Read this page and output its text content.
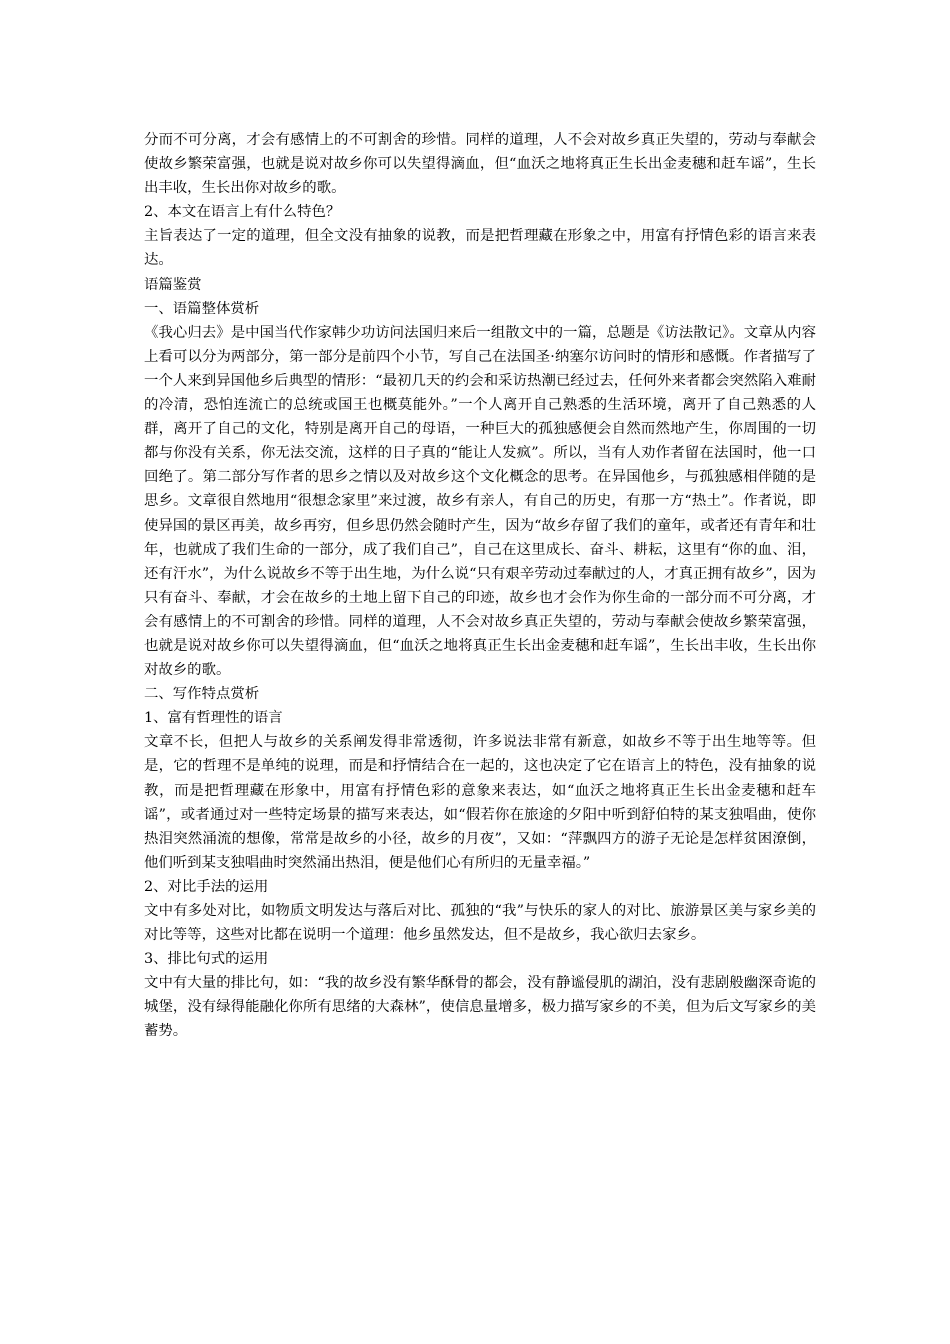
分而不可分离，才会有感情上的不可割舍的珍惜。同样的道理，人不会对故乡真正失望的，劳动与奉献会使故乡繁荣富强，也就是说对故乡你可以失望得滴血，但“血沃之地将真正生长出金麦穗和赶车谣”，生长出丰收，生长出你对故乡的歌。

2、本文在语言上有什么特色？

主旨表达了一定的道理，但全文没有抽象的说教，而是把哲理藏在形象之中，用富有抒情色彩的语言来表达。

语篇鉴赏

一、语篇整体赏析

《我心归去》是中国当代作家韩少功访问法国归来后一组散文中的一篇，总题是《访法散记》。文章从内容上看可以分为两部分，第一部分是前四个小节，写自己在法国圣·纳塞尔访问时的情形和感慨。作者描写了一个人来到异国他乡后典型的情形：“最初几天的约会和采访热潮已经过去，任何外来者都会突然陷入难耐的冷清，恐怕连流亡的总统或国王也概莫能外。”一个人离开自己熟悉的生活环境，离开了自己熟悉的人群，离开了自己的文化，特别是离开自己的母语，一种巨大的孤独感便会自然而然地产生，你周围的一切都与你没有关系，你无法交流，这样的日子真的“能让人发疯”。所以，当有人劝作者留在法国时，他一口回绝了。第二部分写作者的思乡之情以及对故乡这个文化概念的思考。在异国他乡，与孤独感相伴随的是思乡。文章很自然地用“很想念家里”来过渡，故乡有亲人，有自己的历史，有那一方“热土”。作者说，即使异国的景区再美，故乡再穷，但乡思仍然会随时产生，因为“故乡存留了我们的童年，或者还有青年和壮年，也就成了我们生命的一部分，成了我们自己”，自己在这里成长、奋斗、耕耘，这里有“你的血、泪，还有汗水”，为什么说故乡不等于出生地，为什么说“只有艰辛劳动过奉献过的人，才真正拥有故乡”，因为只有奋斗、奉献，才会在故乡的土地上留下自己的印迹，故乡也才会作为你生命的一部分而不可分离，才会有感情上的不可割舍的珍惜。同样的道理，人不会对故乡真正失望的，劳动与奉献会使故乡繁荣富强，也就是说对故乡你可以失望得滴血，但“血沃之地将真正生长出金麦穗和赶车谣”，生长出丰收，生长出你对故乡的歌。

二、写作特点赏析

1、富有哲理性的语言

文章不长，但把人与故乡的关系阐发得非常透彻，许多说法非常有新意，如故乡不等于出生地等等。但是，它的哲理不是单纯的说理，而是和抒情结合在一起的，这也决定了它在语言上的特色，没有抽象的说教，而是把哲理藏在形象中，用富有抒情色彩的意象来表达，如“血沃之地将真正生长出金麦穗和赶车谣”，或者通过对一些特定场景的描写来表达，如“假若你在旅途的夕阳中听到舒伯特的某支独唱曲，使你热泪突然涌流的想像，常常是故乡的小径，故乡的月夜”，又如：“萍飘四方的游子无论是怎样贫困潦倒，他们听到某支独唱曲时突然涌出热泪，便是他们心有所归的无量幸福。”

2、对比手法的运用

文中有多处对比，如物质文明发达与落后对比、孤独的“我”与快乐的家人的对比、旅游景区美与家乡美的对比等等，这些对比都在说明一个道理：他乡虽然发达，但不是故乡，我心欲归去家乡。

3、排比句式的运用

文中有大量的排比句，如：“我的故乡没有繁华酥骨的都会，没有静谧侵肌的湖泊，没有悲剧般幽深奇诡的城堡，没有绿得能融化你所有思绪的大森林”，使信息量增多，极力描写家乡的不美，但为后文写家乡的美蓄势。
